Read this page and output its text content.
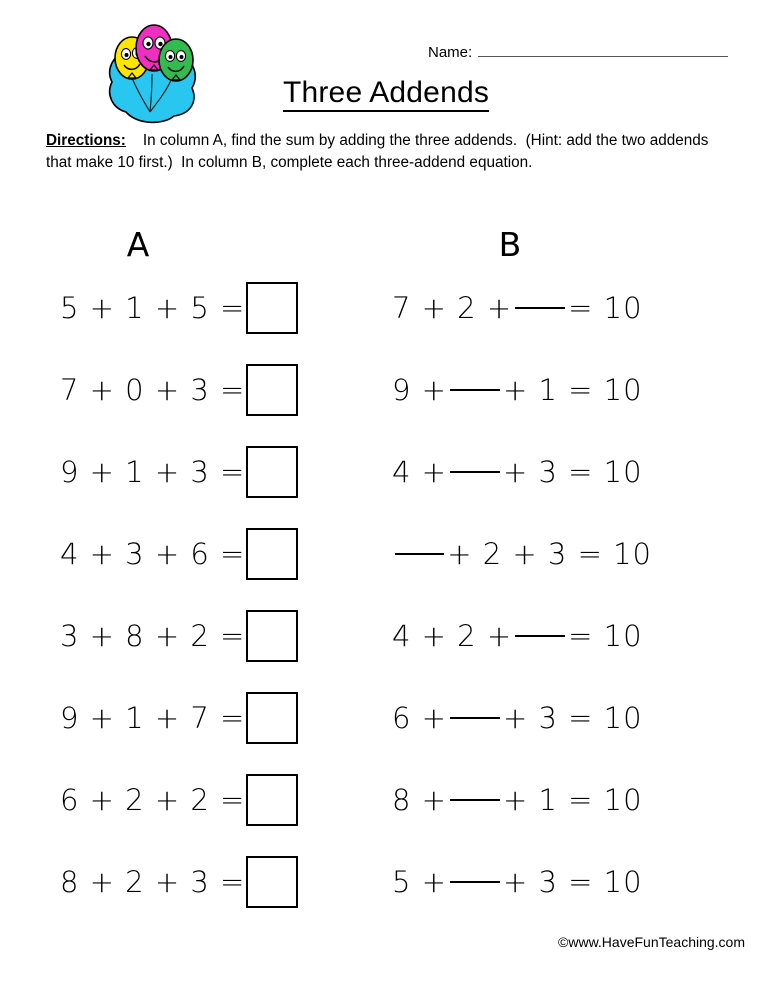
Name:
Three Addends
Directions: In column A, find the sum by adding the three addends.  (Hint: add the two addends that make 10 first.)  In column B, complete each three-addend equation.
A	B
5 + 1 + 5 =
7 + 0 + 3 =
9 + 1 + 3 =
4 + 3 + 6 =
3 + 8 + 2 =
9 + 1 + 7 =
6 + 2 + 2 =
8 + 2 + 3 =
7 + 2 + = 10
9 + + 1 = 10
4 + + 3 = 10
+ 2 + 3 = 10
4 + 2 + = 10
6 + + 3 = 10
8 + + 1 = 10
5 + + 3 = 10
©www.HaveFunTeaching.com
